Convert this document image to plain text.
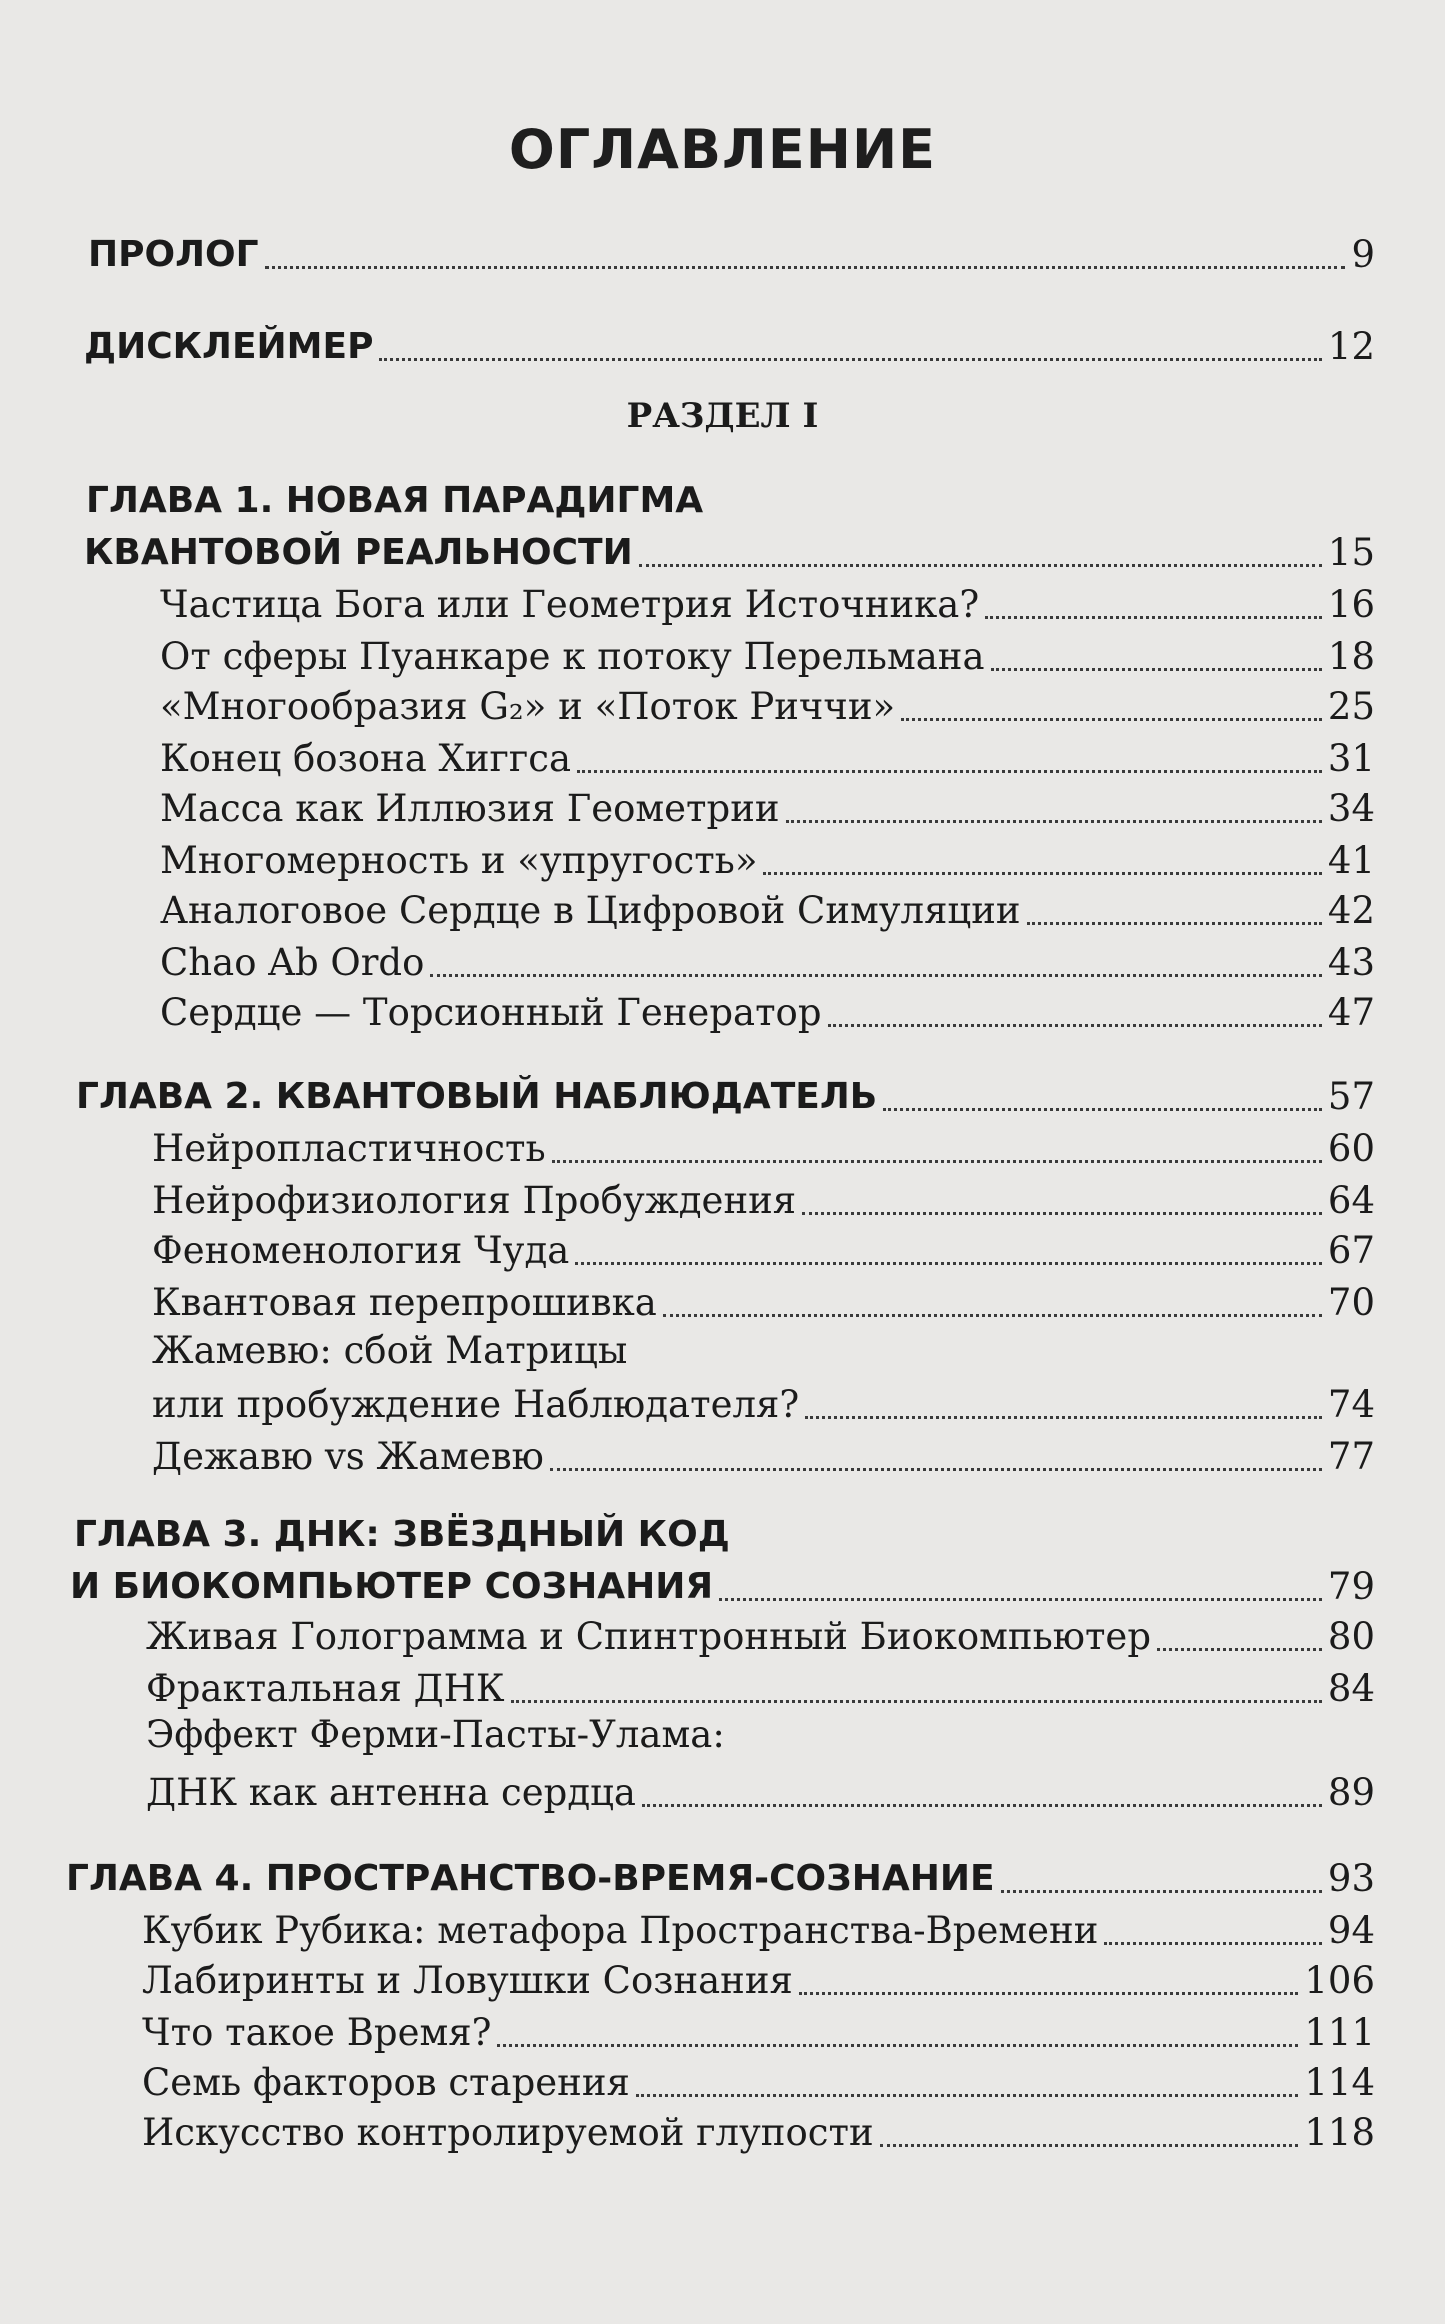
ОГЛАВЛЕНИЕ
ПРОЛОГ	9
ДИСКЛЕЙМЕР	12
РАЗДЕЛ I
ГЛАВА 1. НОВАЯ ПАРАДИГМА
КВАНТОВОЙ РЕАЛЬНОСТИ	15
Частица Бога или Геометрия Источника?	16
От сферы Пуанкаре к потоку Перельмана	18
«Многообразия G₂» и «Поток Риччи»	25
Конец бозона Хиггса	31
Масса как Иллюзия Геометрии	34
Многомерность и «упругость»	41
Аналоговое Сердце в Цифровой Симуляции	42
Chao Ab Ordo	43
Сердце — Торсионный Генератор	47
ГЛАВА 2. КВАНТОВЫЙ НАБЛЮДАТЕЛЬ	57
Нейропластичность	60
Нейрофизиология Пробуждения	64
Феноменология Чуда	67
Квантовая перепрошивка	70
Жамевю: сбой Матрицы
или пробуждение Наблюдателя?	74
Дежавю vs Жамевю	77
ГЛАВА 3. ДНК: ЗВЁЗДНЫЙ КОД
И БИОКОМПЬЮТЕР СОЗНАНИЯ	79
Живая Голограмма и Спинтронный Биокомпьютер	80
Фрактальная ДНК	84
Эффект Ферми-Пасты-Улама:
ДНК как антенна сердца	89
ГЛАВА 4. ПРОСТРАНСТВО-ВРЕМЯ-СОЗНАНИЕ	93
Кубик Рубика: метафора Пространства-Времени	94
Лабиринты и Ловушки Сознания	106
Что такое Время?	111
Семь факторов старения	114
Искусство контролируемой глупости	118
